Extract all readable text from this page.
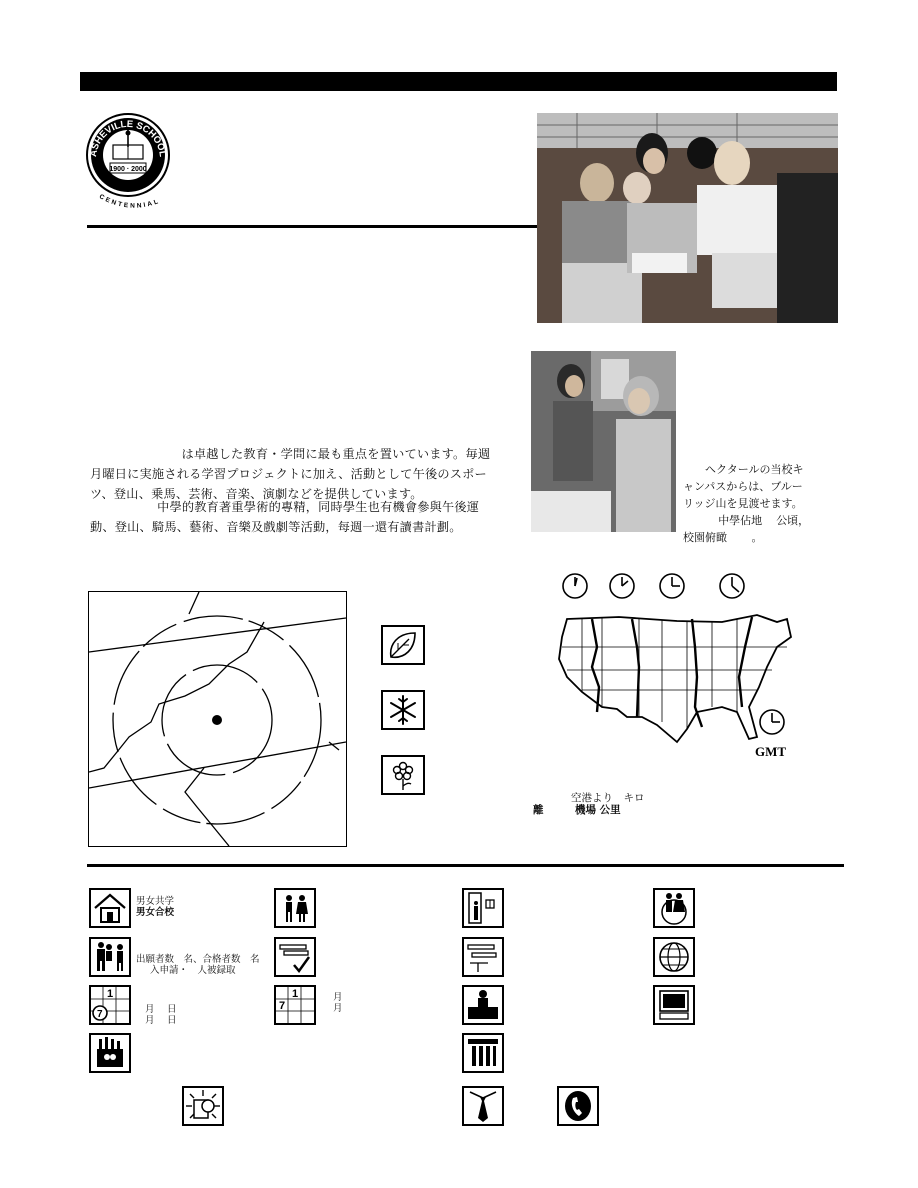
ASHEVILLE SCHOOL
1900 · 2000
CENTENNIAL

は卓越した教育・学問に最も重点を置いています。毎週月曜日に実施される学習プロジェクトに加え、活動として午後のスポーツ、登山、乗馬、芸術、音楽、演劇などを提供しています。

中學的教育著重學術的專精，同時學生也有機會參與午後運動、登山、騎馬、藝術、音樂及戲劇等活動，每週一還有讀書計劃。

ヘクタールの当校キャンパスからは、ブルーリッジ山を見渡せます。

中學佔地 公頃，

校園俯瞰 。

GMT
空港より　キロ
離　　　機場 公里
男女共学
男女合校
出願者数　名、合格者数　名
入申請・　人被録取
1
7	月 日
月 日
1
7
月
月
